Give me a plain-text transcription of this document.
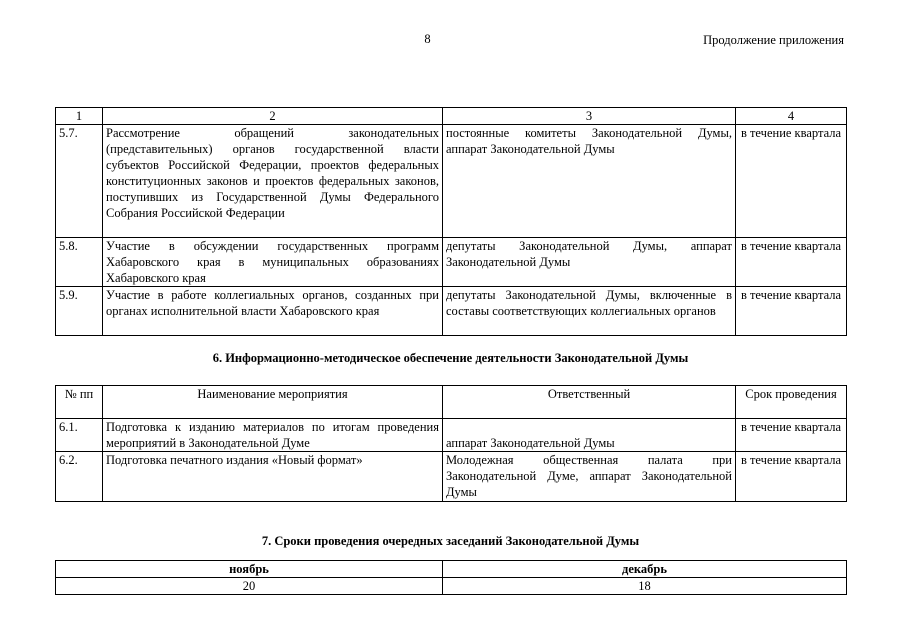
8	Продолжение приложения
1	2	3	4
5.7.	Рассмотрение обращений законодательных (представительных) органов государственной власти субъектов Российской Федерации, проектов федеральных конституционных законов и проектов федеральных законов, поступивших из Государственной Думы Федерального Собрания Российской Федерации	постоянные комитеты Законодательной Думы, аппарат Законодательной Думы	в течение квартала
5.8.	Участие в обсуждении государственных программ Хабаровского края в муниципальных образованиях Хабаровского края	депутаты Законодательной Думы, аппарат Законодательной Думы	в течение квартала
5.9.	Участие в работе коллегиальных органов, созданных при органах исполнительной власти Хабаровского края	депутаты Законодательной Думы, включенные в составы соответствующих коллегиальных органов	в течение квартала
6. Информационно-методическое обеспечение деятельности Законодательной Думы
№ пп	Наименование мероприятия	Ответственный	Срок проведения
6.1.	Подготовка к изданию материалов по итогам проведения мероприятий в Законодательной Думе	аппарат Законодательной Думы	в течение квартала
6.2.	Подготовка печатного издания «Новый формат»	Молодежная общественная палата при Законодательной Думе, аппарат Законодательной Думы	в течение квартала
7. Сроки проведения очередных заседаний Законодательной Думы
ноябрь	декабрь
20	18
